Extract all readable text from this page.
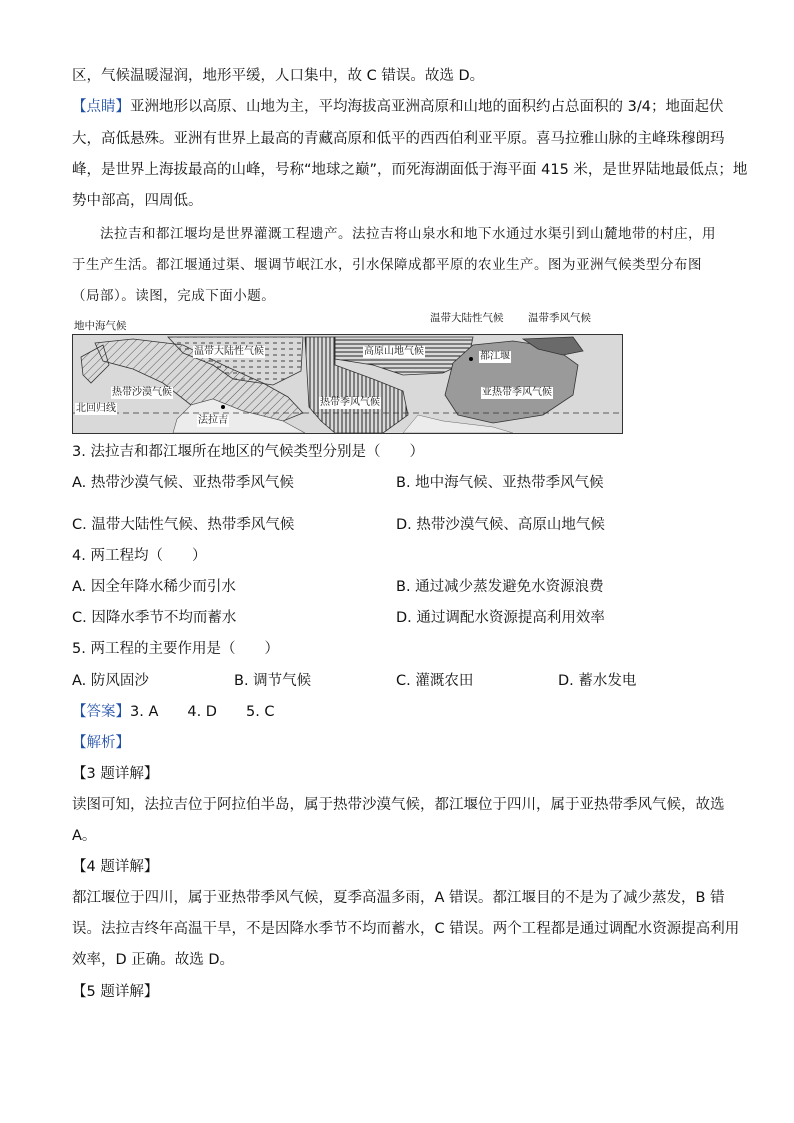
区，气候温暖湿润，地形平缓，人口集中，故 C 错误。故选 D。
【点睛】亚洲地形以高原、山地为主，平均海拔高亚洲高原和山地的面积约占总面积的 3/4；地面起伏
大，高低悬殊。亚洲有世界上最高的青藏高原和低平的西西伯利亚平原。喜马拉雅山脉的主峰珠穆朗玛
峰，是世界上海拔最高的山峰，号称“地球之巅”，而死海湖面低于海平面 415 米，是世界陆地最低点；地
势中部高，四周低。
法拉吉和都江堰均是世界灌溉工程遗产。法拉吉将山泉水和地下水通过水渠引到山麓地带的村庄，用
于生产生活。都江堰通过渠、堰调节岷江水，引水保障成都平原的农业生产。图为亚洲气候类型分布图
（局部）。读图，完成下面小题。
地中海气候
温带大陆性气候 温带季风气候
温带大陆性气候	高原山地气候	都江堰
热带沙漠气候	亚热带季风气候
热带季风气候
北回归线
法拉吉
3. 法拉吉和都江堰所在地区的气候类型分别是（　　）
A. 热带沙漠气候、亚热带季风气候	B. 地中海气候、亚热带季风气候
C. 温带大陆性气候、热带季风气候	D. 热带沙漠气候、高原山地气候
4. 两工程均（　　）
A. 因全年降水稀少而引水	B. 通过减少蒸发避免水资源浪费
C. 因降水季节不均而蓄水	D. 通过调配水资源提高利用效率
5. 两工程的主要作用是（　　）
A. 防风固沙	B. 调节气候	C. 灌溉农田	D. 蓄水发电
【答案】3. A　　4. D　　5. C
【解析】
【3 题详解】
读图可知，法拉吉位于阿拉伯半岛，属于热带沙漠气候，都江堰位于四川，属于亚热带季风气候，故选
A。
【4 题详解】
都江堰位于四川，属于亚热带季风气候，夏季高温多雨，A 错误。都江堰目的不是为了减少蒸发，B 错
误。法拉吉终年高温干旱，不是因降水季节不均而蓄水，C 错误。两个工程都是通过调配水资源提高利用
效率，D 正确。故选 D。
【5 题详解】
